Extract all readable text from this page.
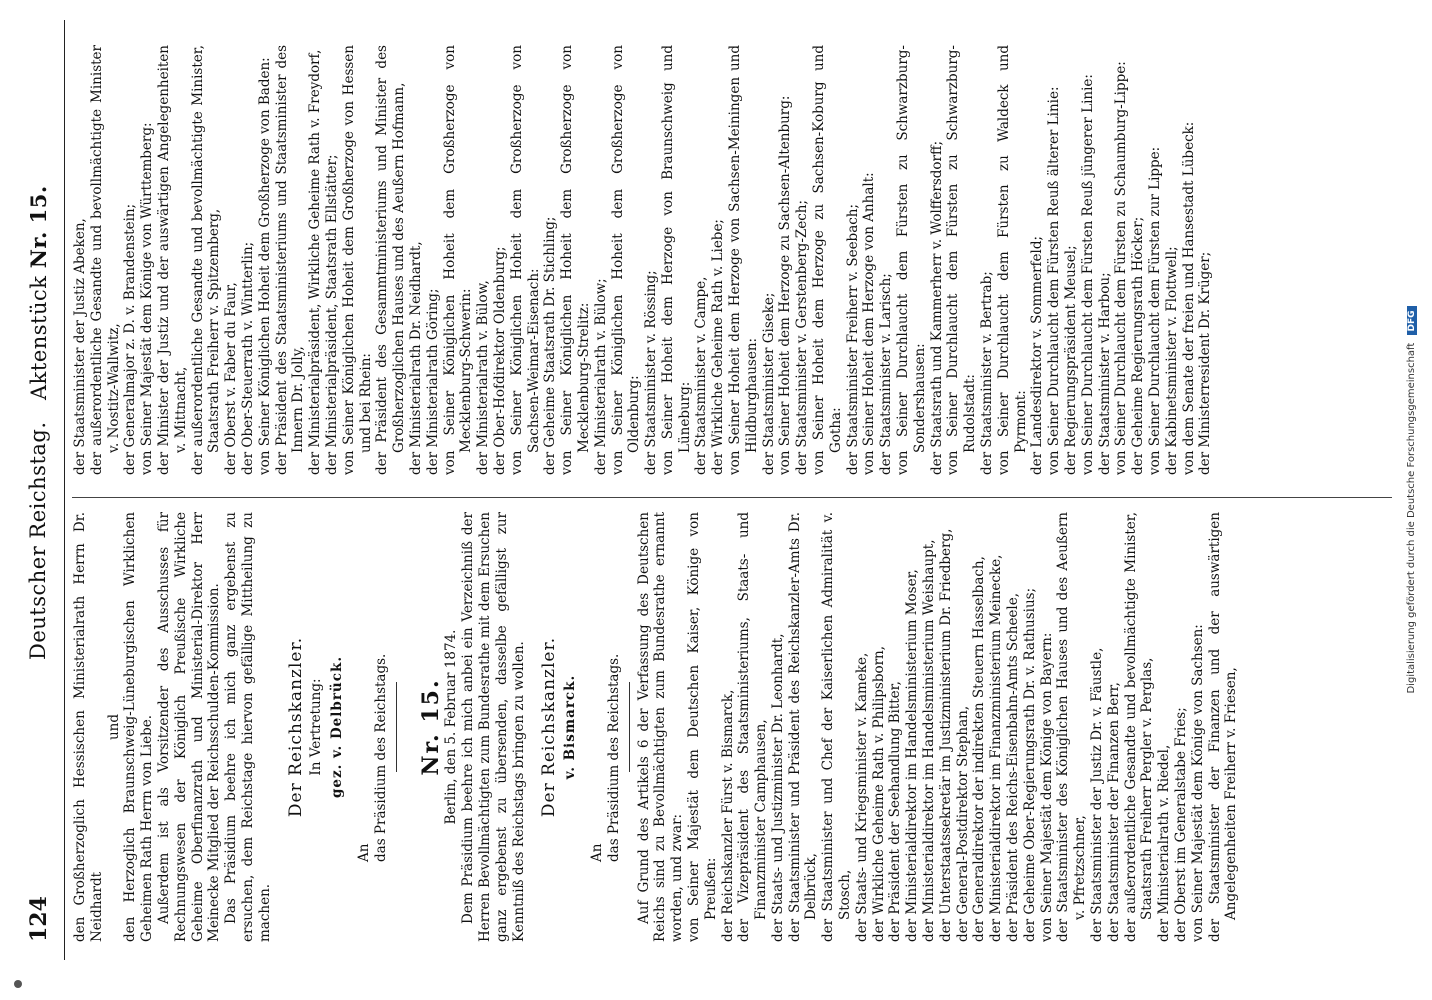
124
Deutscher Reichstag.
Aktenstück Nr. 15.

den Großherzoglich Hessischen Ministerialrath Herrn Dr. Neidhardt

und den Herzoglich Braunschweig-Lüneburgischen Wirklichen Geheimen Rath Herrn von Liebe. Außerdem ist als Vorsitzender des Ausschusses für Rechnungswesen der Königlich Preußische Wirkliche Geheime Oberfinanzrath und Ministerial-Direktor Herr Meinecke Mitglied der Reichsschulden-Kommission. Das Präsidium beehre ich mich ganz ergebenst zu ersuchen, dem Reichstage hiervon gefällige Mittheilung zu machen.

Der Reichskanzler. In Vertretung: gez. v. Delbrück.
An das Präsidium des Reichstags. Nr. 15. Berlin, den 5. Februar 1874. Dem Präsidium beehre ich mich anbei ein Verzeichniß der Herren Bevollmächtigten zum Bundesrathe mit dem Ersuchen ganz ergebenst zu übersenden, dasselbe gefälligst zur Kenntniß des Reichstags bringen zu wollen. Der Reichskanzler. v. Bismarck.
An das Präsidium des Reichstags. Auf Grund des Artikels 6 der Verfassung des Deutschen Reichs sind zu Bevollmächtigten zum Bundesrathe ernannt worden, und zwar: von Seiner Majestät dem Deutschen Kaiser, Könige von Preußen: der Reichskanzler Fürst v. Bismarck, der Vizepräsident des Staatsministeriums, Staats- und Finanzminister Camphausen, der Staats- und Justizminister Dr. Leonhardt, der Staatsminister und Präsident des Reichskanzler-Amts Dr. Delbrück, der Staatsminister und Chef der Kaiserlichen Admiralität v. Stosch, der Staats- und Kriegsminister v. Kameke, der Wirkliche Geheime Rath v. Philipsborn, der Präsident der Seehandlung Bitter, der Ministerialdirektor im Handelsministerium Moser, der Ministerialdirektor im Handelsministerium Weishaupt, der Unterstaatssekretär im Justizministerium Dr. Friedberg, der General-Postdirektor Stephan, der Generaldirektor der indirekten Steuern Hasselbach, der Ministerialdirektor im Finanzministerium Meinecke, der Präsident des Reichs-Eisenbahn-Amts Scheele, der Geheime Ober-Regierungsrath Dr. v. Rathusius; von Seiner Majestät dem Könige von Bayern: der Staatsminister des Königlichen Hauses und des Aeußern v. Pfretzschner, der Staatsminister der Justiz Dr. v. Fäustle, der Staatsminister der Finanzen Berr, der außerordentliche Gesandte und bevollmächtigte Minister, Staatsrath Freiherr Pergler v. Perglas, der Ministerialrath v. Riedel, der Oberst im Generalstabe Fries; von Seiner Majestät dem Könige von Sachsen: der Staatsminister der Finanzen und der auswärtigen Angelegenheiten Freiherr v. Friesen,

der Staatsminister der Justiz Abeken, der außerordentliche Gesandte und bevollmächtigte Minister v. Nostitz-Wallwitz, der Generalmajor z. D. v. Brandenstein; von Seiner Majestät dem Könige von Württemberg: der Minister der Justiz und der auswärtigen Angelegenheiten v. Mittnacht, der außerordentliche Gesandte und bevollmächtigte Minister, Staatsrath Freiherr v. Spitzemberg, der Oberst v. Faber du Faur, der Ober-Steuerrath v. Wintterlin; von Seiner Königlichen Hoheit dem Großherzoge von Baden: der Präsident des Staatsministeriums und Staatsminister des Innern Dr. Jolly, der Ministerialpräsident, Wirkliche Geheime Rath v. Freydorf, der Ministerialpräsident, Staatsrath Ellstätter; von Seiner Königlichen Hoheit dem Großherzoge von Hessen und bei Rhein: der Präsident des Gesammtministeriums und Minister des Großherzoglichen Hauses und des Aeußern Hofmann, der Ministerialrath Dr. Neidhardt, der Ministerialrath Göring; von Seiner Königlichen Hoheit dem Großherzoge von Mecklenburg-Schwerin: der Ministerialrath v. Bülow, der Ober-Hofdirektor Oldenburg; von Seiner Königlichen Hoheit dem Großherzoge von Sachsen-Weimar-Eisenach: der Geheime Staatsrath Dr. Stichling; von Seiner Königlichen Hoheit dem Großherzoge von Mecklenburg-Strelitz: der Ministerialrath v. Bülow; von Seiner Königlichen Hoheit dem Großherzoge von Oldenburg: der Staatsminister v. Rössing; von Seiner Hoheit dem Herzoge von Braunschweig und Lüneburg: der Staatsminister v. Campe, der Wirkliche Geheime Rath v. Liebe; von Seiner Hoheit dem Herzoge von Sachsen-Meiningen und Hildburghausen: der Staatsminister Giseke; von Seiner Hoheit dem Herzoge zu Sachsen-Altenburg: der Staatsminister v. Gerstenberg-Zech; von Seiner Hoheit dem Herzoge zu Sachsen-Koburg und Gotha: der Staatsminister Freiherr v. Seebach; von Seiner Hoheit dem Herzoge von Anhalt: der Staatsminister v. Larisch; von Seiner Durchlaucht dem Fürsten zu Schwarzburg-Sondershausen: der Staatsrath und Kammerherr v. Wolffersdorff; von Seiner Durchlaucht dem Fürsten zu Schwarzburg-Rudolstadt: der Staatsminister v. Bertrab; von Seiner Durchlaucht dem Fürsten zu Waldeck und Pyrmont: der Landesdirektor v. Sommerfeld; von Seiner Durchlaucht dem Fürsten Reuß älterer Linie: der Regierungspräsident Meusel; von Seiner Durchlaucht dem Fürsten Reuß jüngerer Linie: der Staatsminister v. Harbou; von Seiner Durchlaucht dem Fürsten zu Schaumburg-Lippe: der Geheime Regierungsrath Höcker; von Seiner Durchlaucht dem Fürsten zur Lippe: der Kabinetsminister v. Flottwell; von dem Senate der freien und Hansestadt Lübeck: der Ministerresident Dr. Krüger;	Digitalisierung gefördert durch die Deutsche Forschungsgemeinschaft DFG
